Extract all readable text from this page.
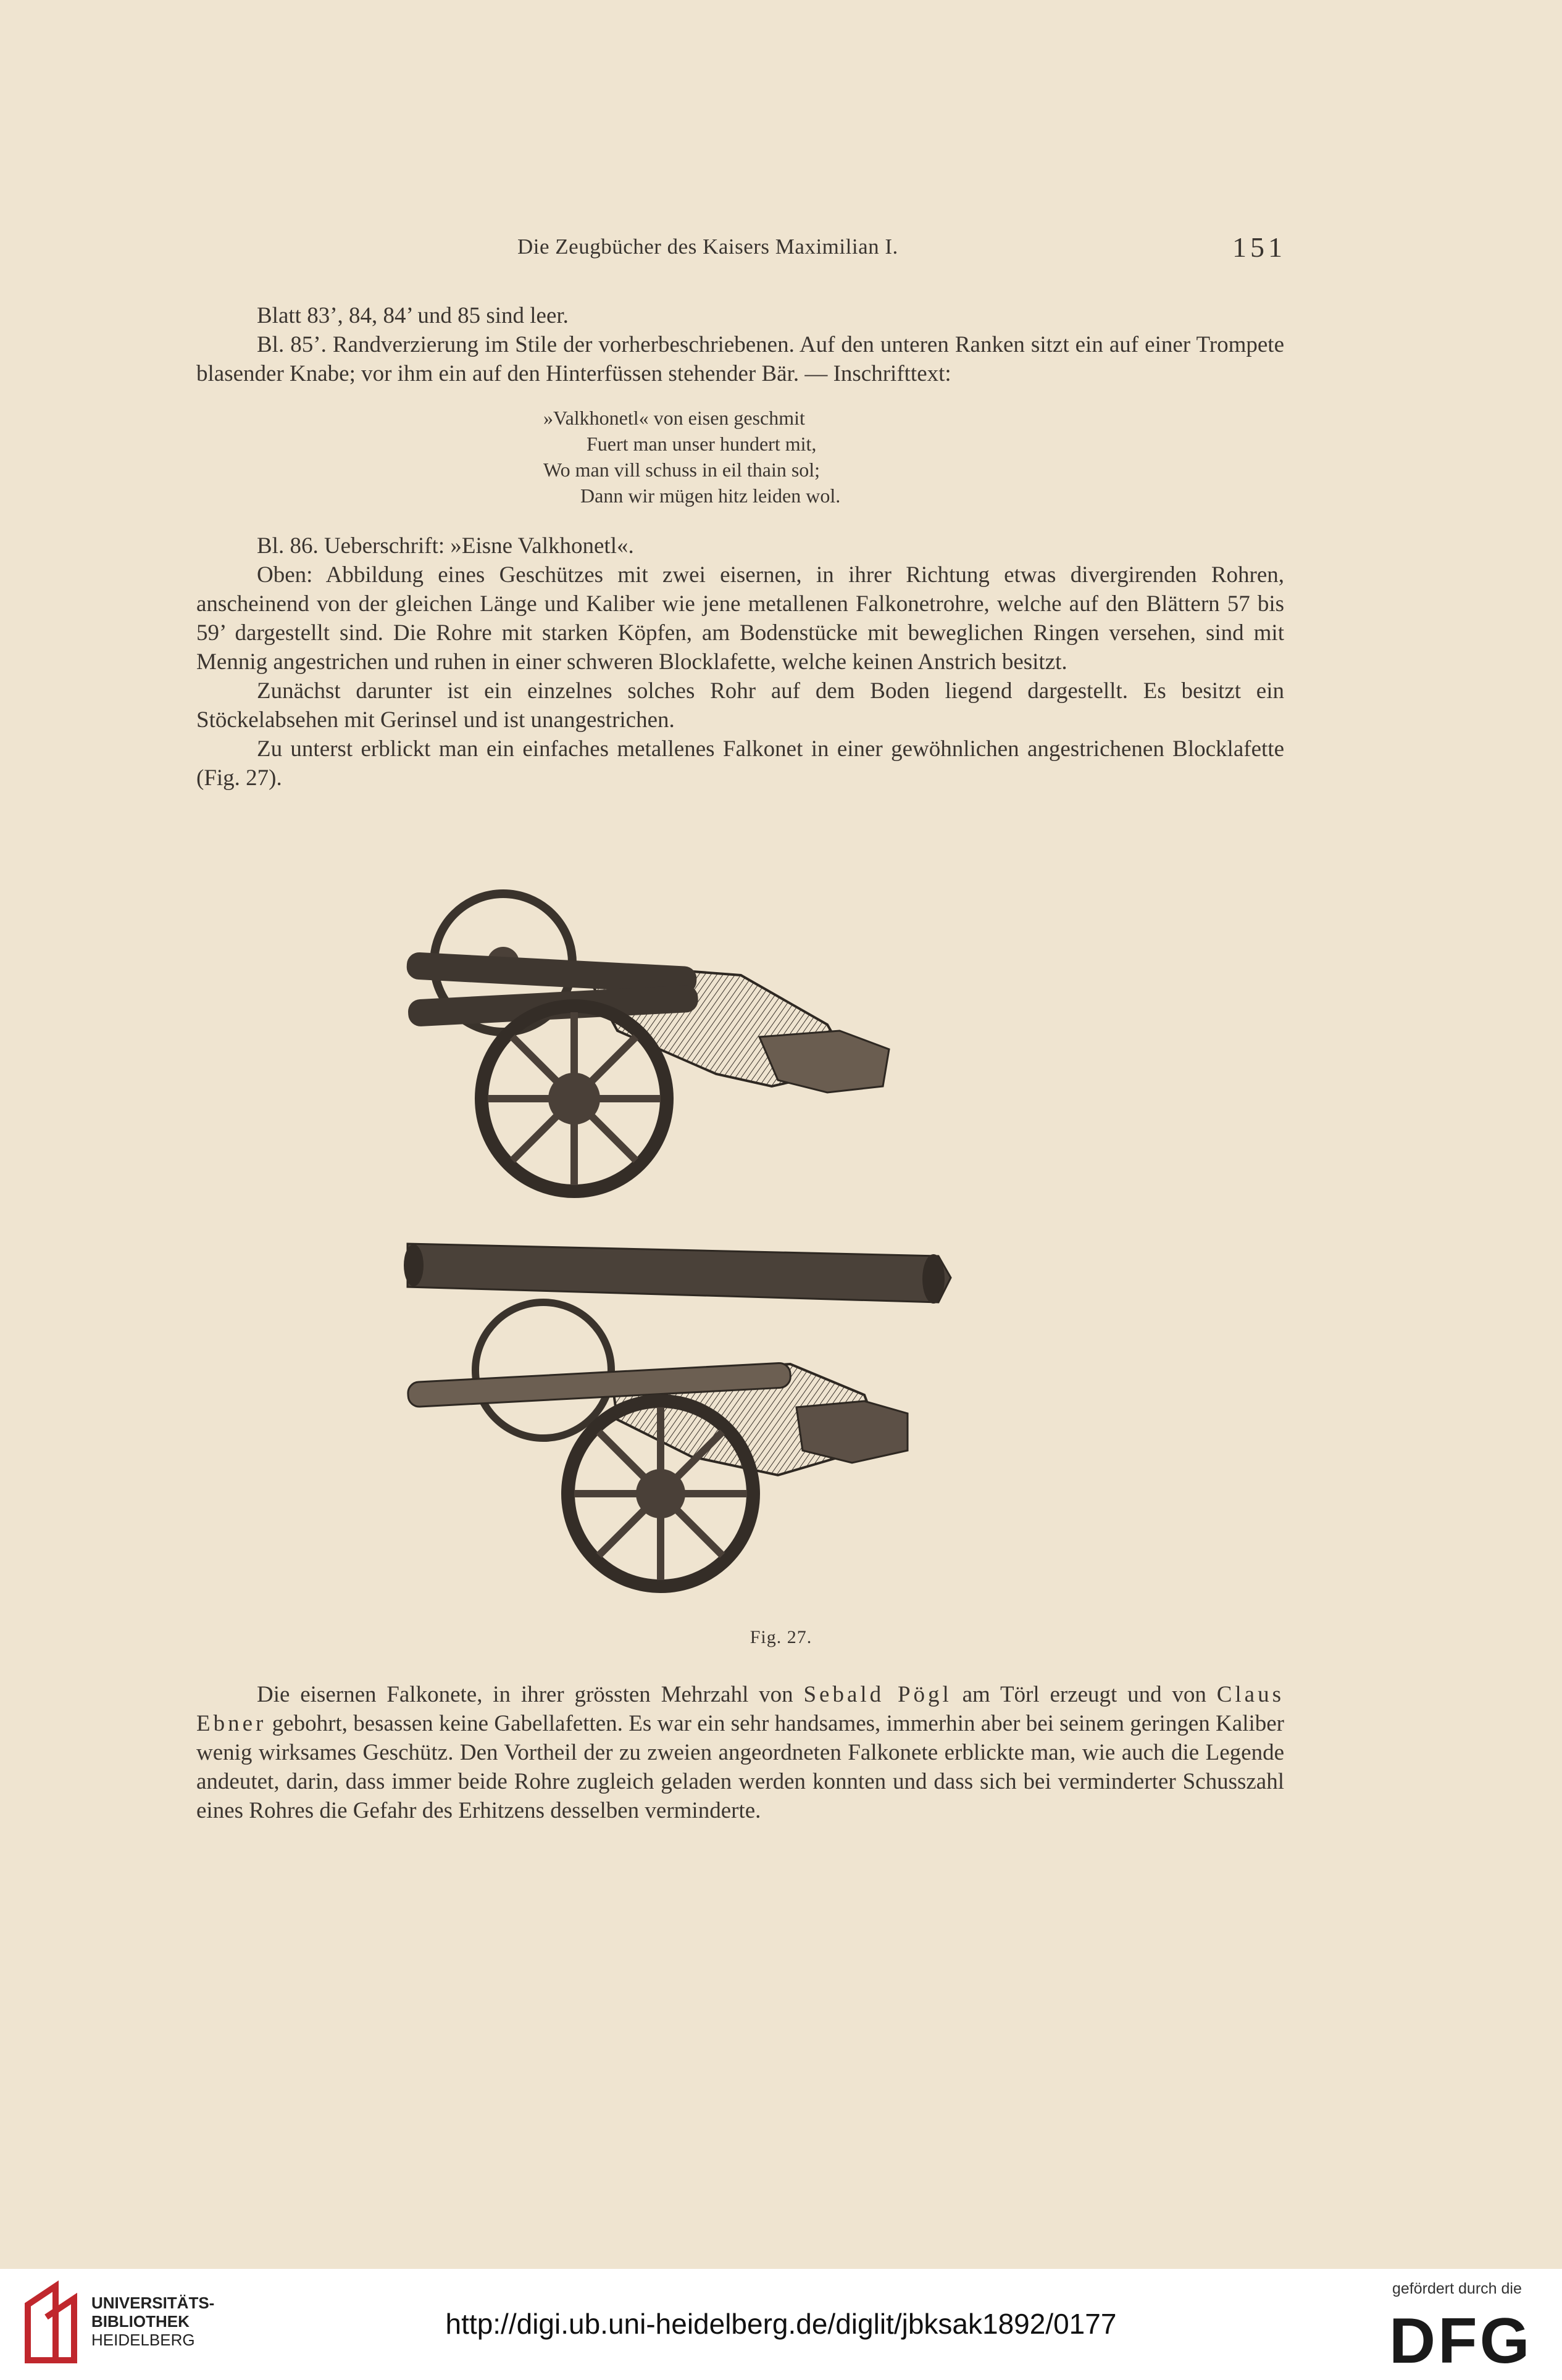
Die Zeugbücher des Kaisers Maximilian I.	151

Blatt 83’, 84, 84’ und 85 sind leer.

Bl. 85’. Randverzierung im Stile der vorherbeschriebenen. Auf den unteren Ranken sitzt ein auf einer Trompete blasender Knabe; vor ihm ein auf den Hinterfüssen stehender Bär. — Inschrifttext:

»Valkhonetl« von eisen geschmit
Fuert man unser hundert mit,
Wo man vill schuss in eil thain sol;
Dann wir mügen hitz leiden wol.

Bl. 86. Ueberschrift: »Eisne Valkhonetl«.

Oben: Abbildung eines Geschützes mit zwei eisernen, in ihrer Richtung etwas divergirenden Rohren, anscheinend von der gleichen Länge und Kaliber wie jene metallenen Falkonetrohre, welche auf den Blättern 57 bis 59’ dargestellt sind. Die Rohre mit starken Köpfen, am Bodenstücke mit beweglichen Ringen versehen, sind mit Mennig angestrichen und ruhen in einer schweren Blocklafette, welche keinen Anstrich besitzt.

Zunächst darunter ist ein einzelnes solches Rohr auf dem Boden liegend dargestellt. Es besitzt ein Stöckelabsehen mit Gerinsel und ist unangestrichen.

Zu unterst erblickt man ein einfaches metallenes Falkonet in einer gewöhnlichen angestrichenen Blocklafette (Fig. 27).

Fig. 27.

Die eisernen Falkonete, in ihrer grössten Mehrzahl von Sebald Pögl am Törl erzeugt und von Claus Ebner gebohrt, besassen keine Gabellafetten. Es war ein sehr handsames, immerhin aber bei seinem geringen Kaliber wenig wirksames Geschütz. Den Vortheil der zu zweien angeordneten Falkonete erblickte man, wie auch die Legende andeutet, darin, dass immer beide Rohre zugleich geladen werden konnten und dass sich bei verminderter Schusszahl eines Rohres die Gefahr des Erhitzens desselben verminderte.

UNIVERSITÄTS-
BIBLIOTHEK
HEIDELBERG	http://digi.ub.uni-heidelberg.de/diglit/jbksak1892/0177
gefördert durch die
DFG
